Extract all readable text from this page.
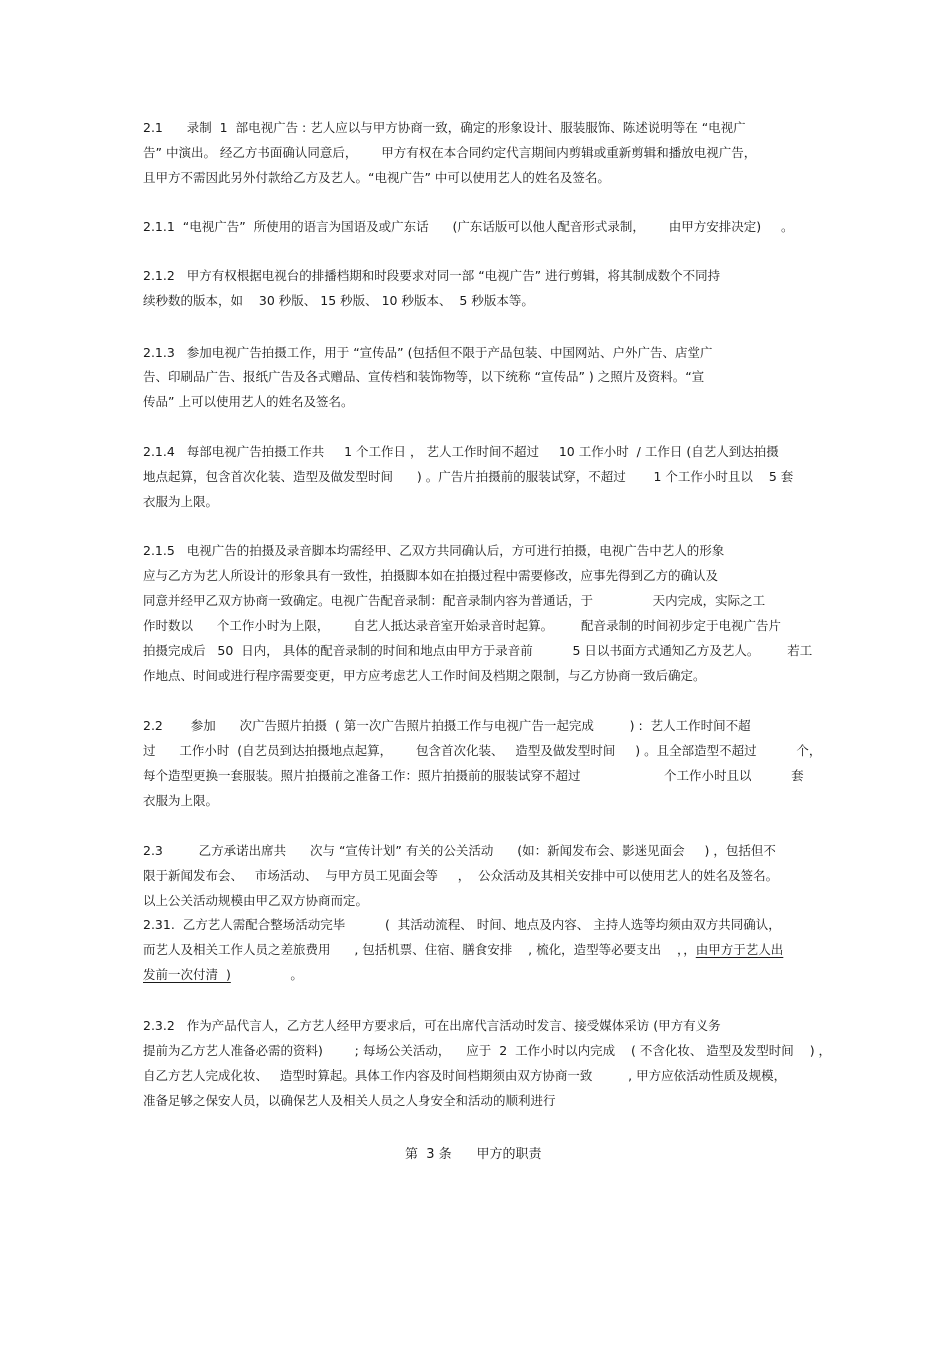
2.1      录制  1  部电视广告 : 艺人应以与甲方协商一致，确定的形象设计、服装服饰、陈述说明等在 “电视广
告” 中演出。 经乙方书面确认同意后，      甲方有权在本合同约定代言期间内剪辑或重新剪辑和播放电视广告，
且甲方不需因此另外付款给乙方及艺人。“电视广告” 中可以使用艺人的姓名及签名。
2.1.1  “电视广告”  所使用的语言为国语及或广东话      (广东话版可以他人配音形式录制，      由甲方安排决定)     。
2.1.2   甲方有权根据电视台的排播档期和时段要求对同一部 “电视广告” 进行剪辑，将其制成数个不同持
续秒数的版本，如    30 秒版、 15 秒版、 10 秒版本、  5 秒版本等。
2.1.3   参加电视广告拍摄工作，用于 “宣传品” (包括但不限于产品包装、中国网站、户外广告、店堂广
告、印刷品广告、报纸广告及各式赠品、宣传档和装饰物等，以下统称 “宣传品” ) 之照片及资料。“宣
传品” 上可以使用艺人的姓名及签名。
2.1.4   每部电视广告拍摄工作共     1 个工作日 ， 艺人工作时间不超过     10 工作小时  / 工作日 (自艺人到达拍摄
地点起算，包含首次化装、造型及做发型时间      ) 。广告片拍摄前的服装试穿，不超过       1 个工作小时且以    5 套
衣服为上限。
2.1.5   电视广告的拍摄及录音脚本均需经甲、乙双方共同确认后，方可进行拍摄，电视广告中艺人的形象
应与乙方为艺人所设计的形象具有一致性，拍摄脚本如在拍摄过程中需要修改，应事先得到乙方的确认及
同意并经甲乙双方协商一致确定。电视广告配音录制：配音录制内容为普通话，于               天内完成，实际之工
作时数以      个工作小时为上限，      自艺人抵达录音室开始录音时起算。       配音录制的时间初步定于电视广告片
拍摄完成后   50  日内， 具体的配音录制的时间和地点由甲方于录音前          5 日以书面方式通知乙方及艺人。       若工
作地点、时间或进行程序需要变更，甲方应考虑艺人工作时间及档期之限制，与乙方协商一致后确定。
2.2       参加      次广告照片拍摄  ( 第一次广告照片拍摄工作与电视广告一起完成         ) :  艺人工作时间不超
过      工作小时  (自艺员到达拍摄地点起算，      包含首次化装、   造型及做发型时间     ) 。且全部造型不超过          个，
每个造型更换一套服装。照片拍摄前之准备工作：照片拍摄前的服装试穿不超过                     个工作小时且以          套
衣服为上限。
2.3         乙方承诺出席共      次与 “宣传计划” 有关的公关活动      (如：新闻发布会、影迷见面会     ) ，包括但不
限于新闻发布会、   市场活动、  与甲方员工见面会等     ，  公众活动及其相关安排中可以使用艺人的姓名及签名。
以上公关活动规模由甲乙双方协商而定。
2.31.  乙方艺人需配合整场活动完毕          (  其活动流程、 时间、地点及内容、 主持人选等均须由双方共同确认，
而艺人及相关工作人员之差旅费用      , 包括机票、住宿、膳食安排    , 梳化，造型等必要支出    ，，由甲方于艺人出
发前一次付清  )               。
2.3.2   作为产品代言人，乙方艺人经甲方要求后，可在出席代言活动时发言、接受媒体采访 (甲方有义务
提前为乙方艺人准备必需的资料)        ; 每场公关活动，    应于  2  工作小时以内完成    ( 不含化妆、 造型及发型时间    ) ，
自乙方艺人完成化妆、   造型时算起。具体工作内容及时间档期须由双方协商一致         , 甲方应依活动性质及规模，
准备足够之保安人员，以确保艺人及相关人员之人身安全和活动的顺利进行
第  3 条      甲方的职责
